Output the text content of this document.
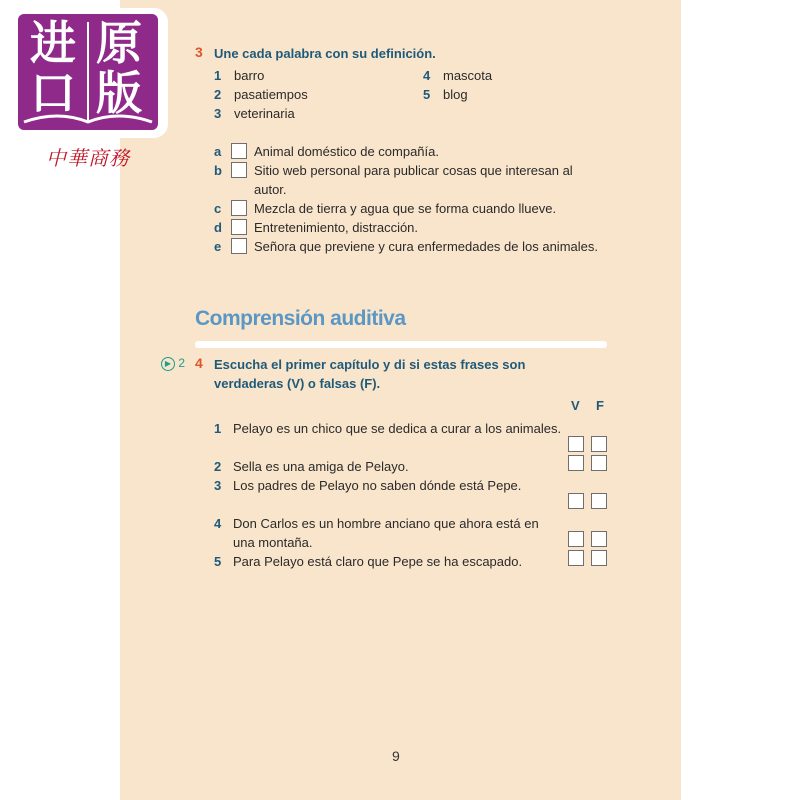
进 原
口 版
中華商務
3 Une cada palabra con su definición.
1 barro
2 pasatiempos
3 veterinaria
4 mascota
5 blog
a	Animal doméstico de compañía.
b Sitio web personal para publicar cosas que interesan al autor.
c	Mezcla de tierra y agua que se forma cuando llueve.
d Entretenimiento, distracción.
e	Señora que previene y cura enfermedades de los animales.
Comprensión auditiva
▶ 2 4 Escucha el primer capítulo y di si estas frases son verdaderas (V) o falsas (F).
V F
1 Pelayo es un chico que se dedica a curar a los animales.
2 Sella es una amiga de Pelayo.
3 Los padres de Pelayo no saben dónde está Pepe.
4 Don Carlos es un hombre anciano que ahora está en una montaña.
5 Para Pelayo está claro que Pepe se ha escapado.
9
